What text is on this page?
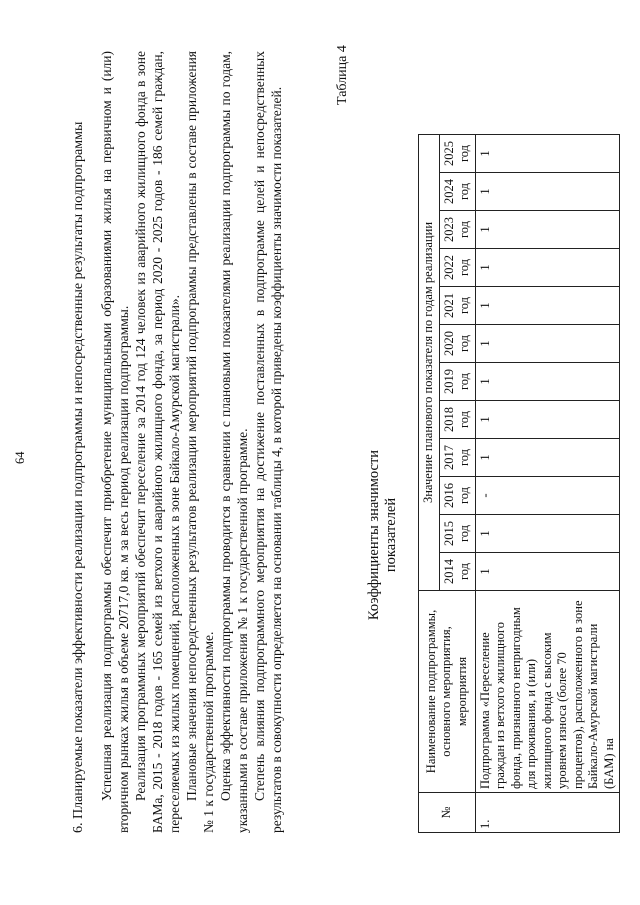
64	6. Планируемые показатели эффективности реализации подпрограммы и непосредственные результаты подпрограммы Успешная реализация подпрограммы обеспечит приобретение муниципальными образованиями жилья на первичном и (или) вторичном рынках жилья в объеме 20717,0 кв. м за весь период реализации подпрограммы. Реализация программных мероприятий обеспечит переселение за 2014 год 124 человек из аварийного жилищного фонда в зоне БАМа, 2015 - 2018 годов - 165 семей из ветхого и аварийного жилищного фонда, за период 2020 - 2025 годов - 186 семей граждан, переселяемых из жилых помещений, расположенных в зоне Байкало-Амурской магистрали». Плановые значения непосредственных результатов реализации мероприятий подпрограммы представлены в составе приложения № 1 к государственной программе. Оценка эффективности подпрограммы проводится в сравнении с плановыми показателями реализации подпрограммы по годам, указанными в составе приложения № 1 к государственной программе. Степень влияния подпрограммного мероприятия на достижение поставленных в подпрограмме целей и непосредственных результатов в совокупности определяется на основании таблицы 4, в которой приведены коэффициенты значимости показателей.

Таблица 4
Коэффициенты значимости показателей
№	Наименование подпрограммы, основного мероприятия, мероприятия	Значение планового показателя по годам реализации											
		2014 год	2015 год	2016 год	2017 год	2018 год	2019 год	2020 год	2021 год	2022 год	2023 год	2024 год	2025 год
1.	Подпрограмма «Переселение граждан из ветхого жилищного фонда, признанного непригодным для проживания, и (или) жилищного фонда с высоким уровнем износа (более 70 процентов), расположенного в зоне Байкало-Амурской магистрали (БАМ) на	1	1	-	1	1	1	1	1	1	1	1	1
